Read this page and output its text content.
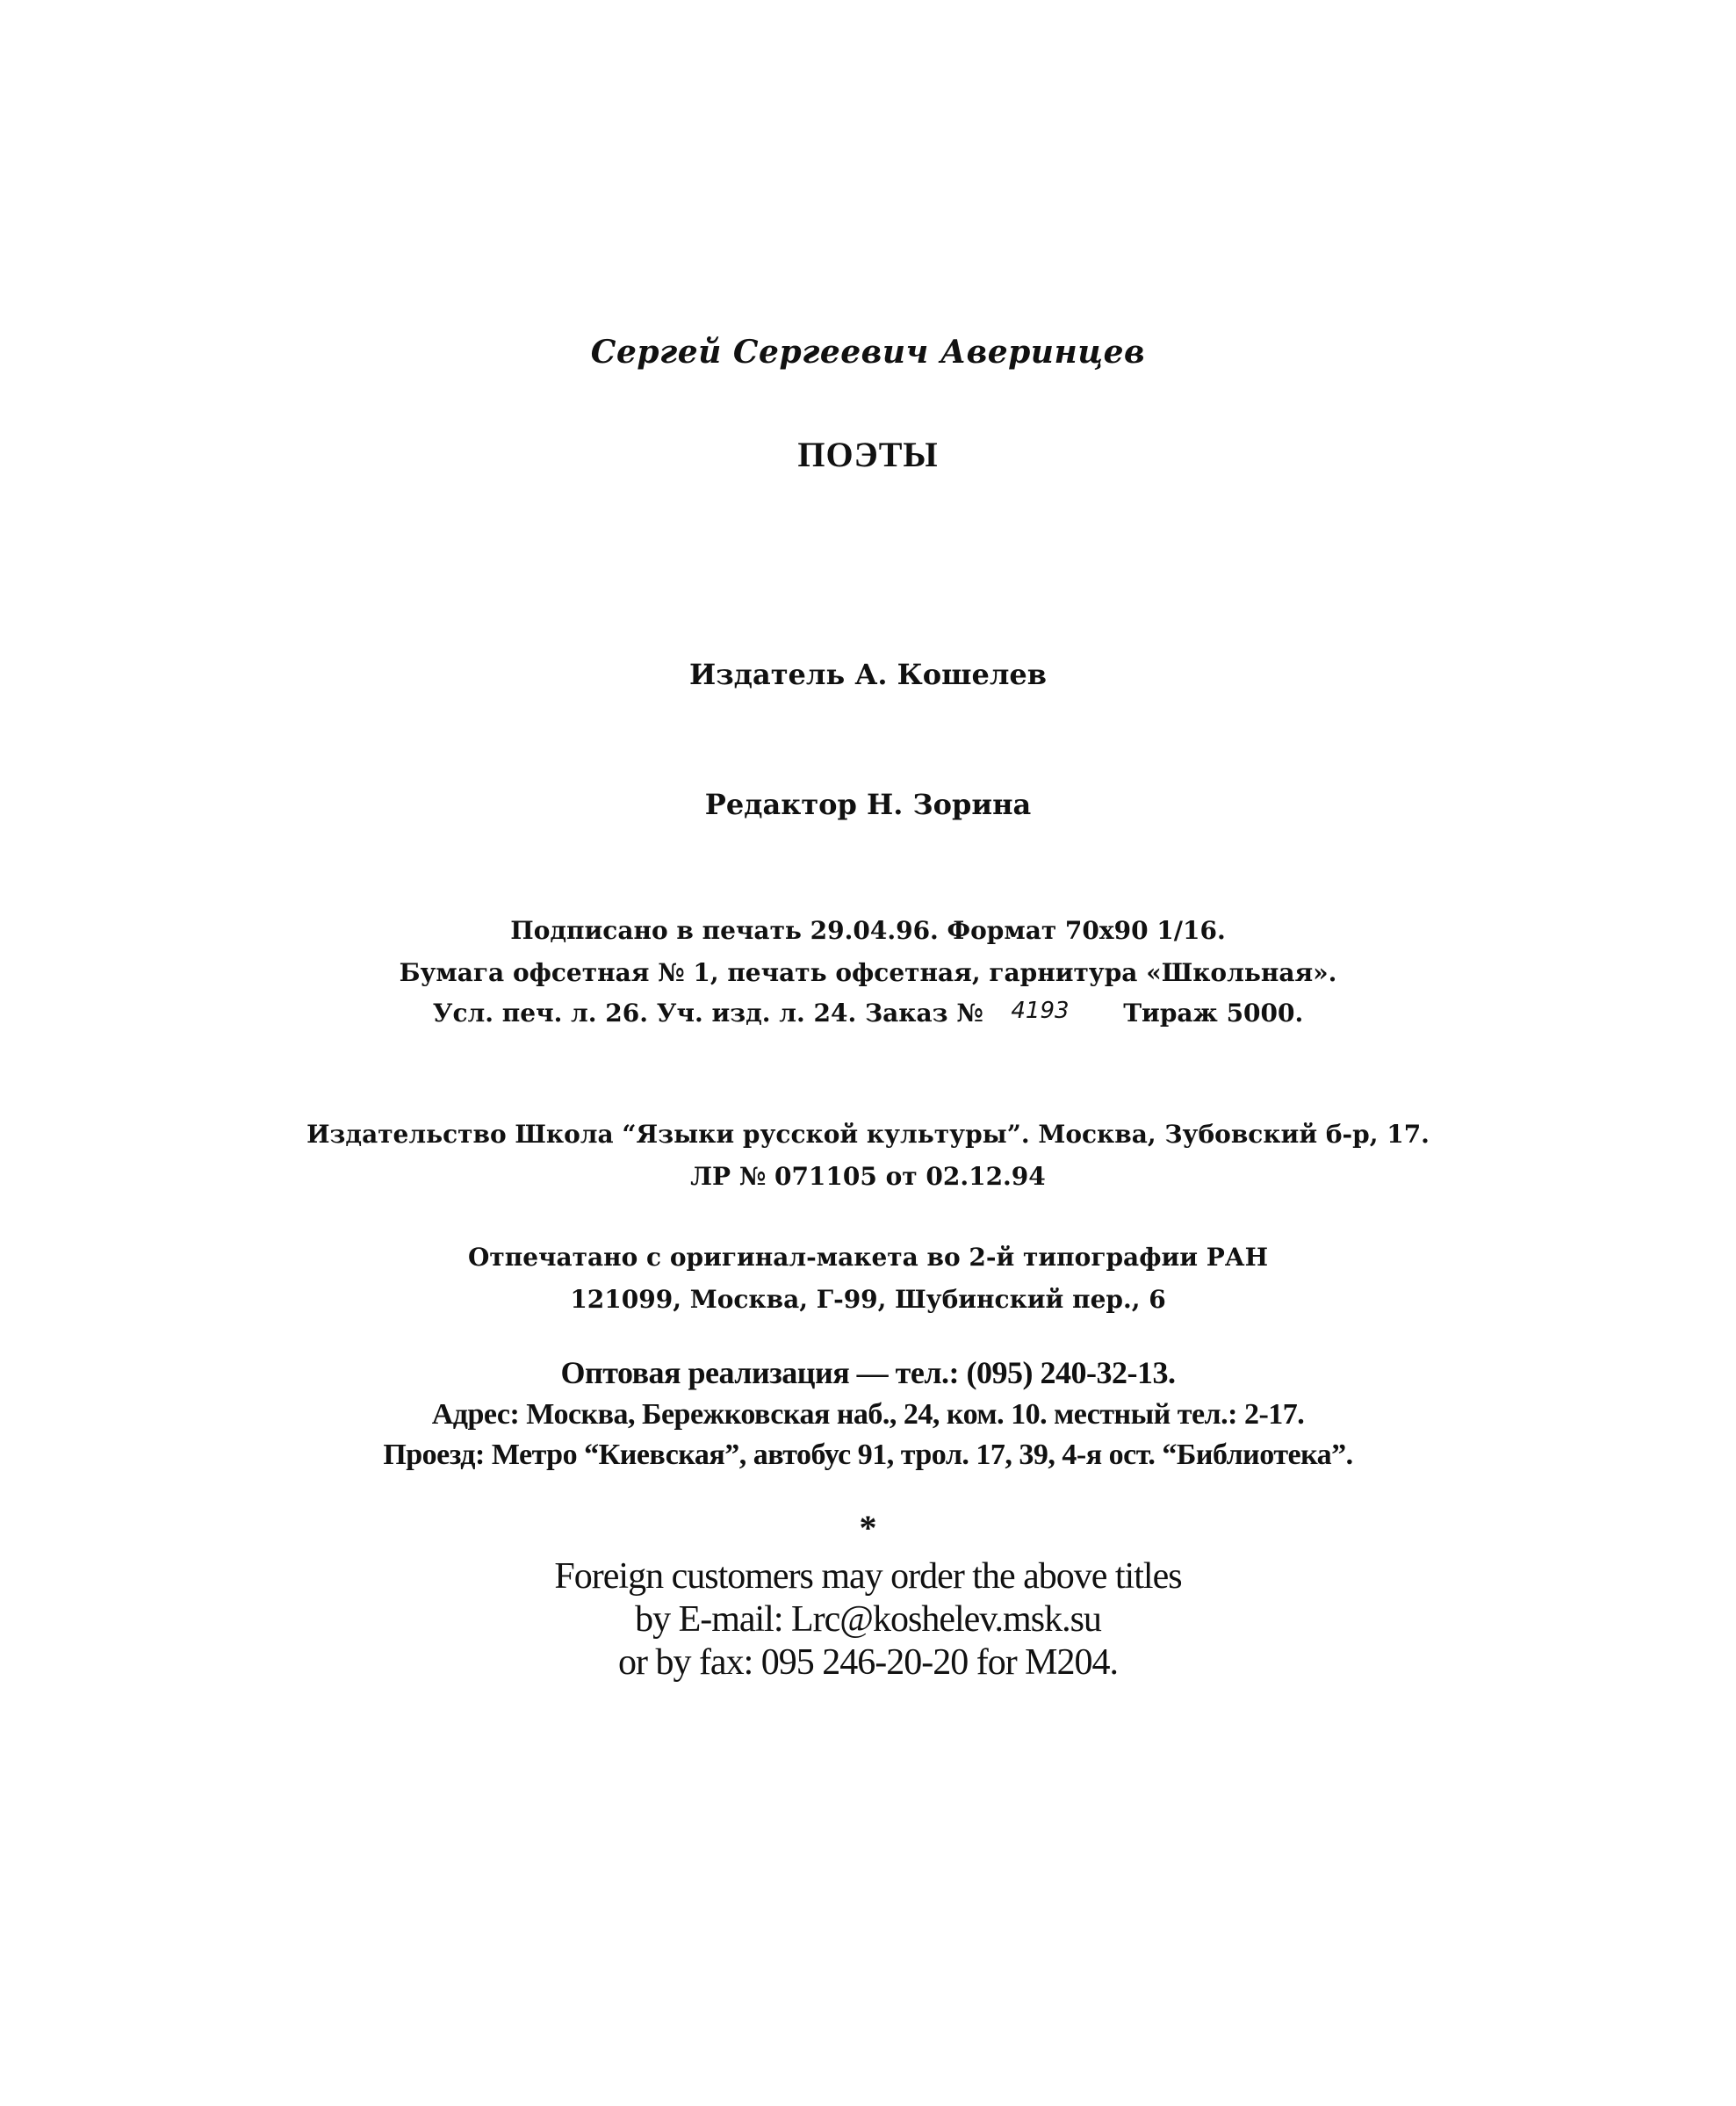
Сергей Сергеевич Аверинцев
ПОЭТЫ
Издатель А. Кошелев
Редактор Н. Зорина
Подписано в печать 29.04.96. Формат 70х90 1/16.
Бумага офсетная № 1, печать офсетная, гарнитура «Школьная».
Усл. печ. л. 26. Уч. изд. л. 24. Заказ № 4193 Тираж 5000.
Издательство Школа “Языки русской культуры”. Москва, Зубовский б-р, 17.
ЛР № 071105 от 02.12.94
Отпечатано с оригинал-макета во 2-й типографии РАН
121099, Москва, Г-99, Шубинский пер., 6
Оптовая реализация — тел.: (095) 240-32-13.
Адрес: Москва, Бережковская наб., 24, ком. 10. местный тел.: 2-17.
Проезд: Метро “Киевская”, автобус 91, трол. 17, 39, 4-я ост. “Библиотека”.
*
Foreign customers may order the above titles
by E-mail: Lrc@koshelev.msk.su
or by fax: 095 246-20-20 for M204.
